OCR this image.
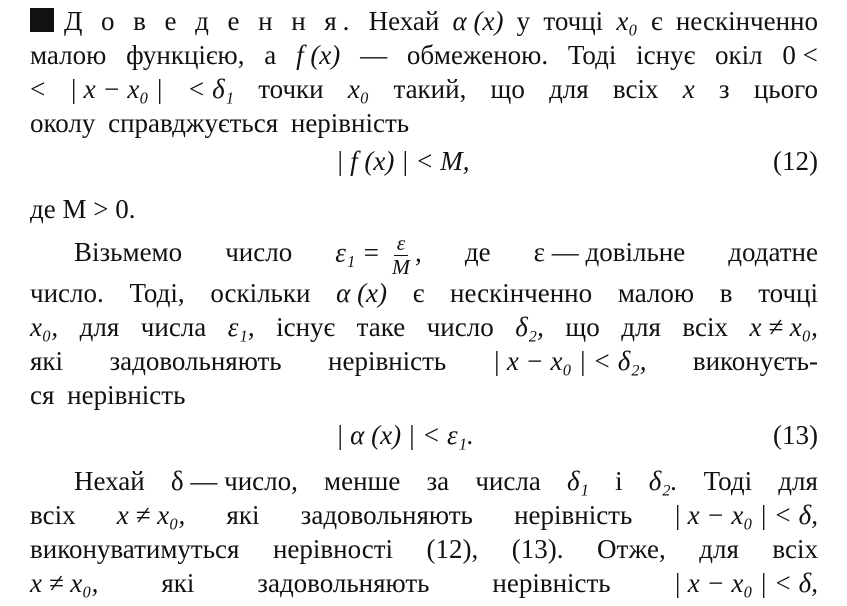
Д о в е д е н н я. Нехай α (x) у точці x₀ є нескінченно
малою функцією, а f (x) — обмеженою. Тоді існує окіл 0 <
< | x − x₀ | < δ₁ точки x₀ такий, що для всіх x з цього
околу
справджується
нерівність
| f (x) | < M,	(12)
де M > 0.
Візьмемо число $\varepsilon_1 = \frac{\varepsilon}{M}$ , де ε — довільне додатне
число. Тоді, оскільки α (x) є нескінченно малою в точці
x₀, для числа ε₁, існує таке число δ₂, що для всіх x ≠ x₀,
які задовольняють нерівність | x − x₀ | < δ₂, виконуєть-
ся
нерівність
| α (x) | < ε₁.	(13)
Нехай δ — число, менше за числа δ₁ і δ₂. Тоді для
всіх x ≠ x₀, які задовольняють нерівність | x − x₀ | < δ,
виконуватимуться нерівності (12), (13). Отже, для всіх
x ≠ x₀, які задовольняють нерівність | x − x₀ | < δ,
